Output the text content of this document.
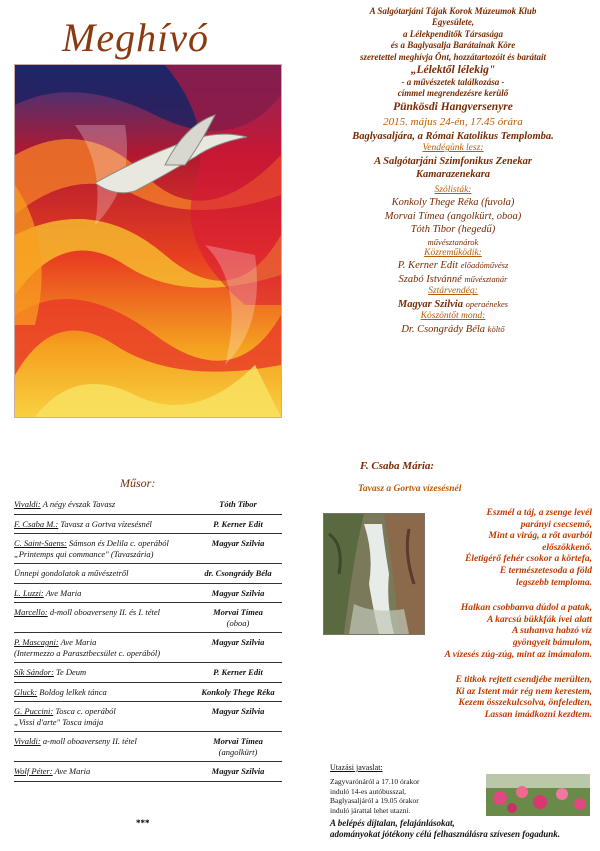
Meghívó
A Salgótarjáni Tájak Korok Múzeumok Klub
Egyesülete,
a Lélekpenditők Társasága
és a Baglyasalja Barátainak Köre
szeretettel meghívja Önt, hozzátartozóit és barátait
„Lélektől lélekig"
- a művészetek találkozása -
címmel megrendezésre kerülő
Pünkösdi Hangversenyre
2015. május 24-én, 17.45 órára
Baglyasaljára, a Római Katolikus Templomba.
Vendégünk lesz:
A Salgótarjáni Szimfonikus Zenekar
Kamarazenekara
Szólisták:
Konkoly Thege Réka (fuvola)
Morvai Tímea (angolkürt, oboa)
Tóth Tibor (hegedű)
művésztanárok
Közreműködik:
P. Kerner Edit előadóművész
Szabó Istvánné művésztanár
Sztárvendég:
Magyar Szilvia operaénekes
Köszöntőt mond:
Dr. Csongrády Béla költő
Műsor:
Vivaldi: A négy évszak Tavasz	Tóth Tibor
F. Csaba M.: Tavasz a Gortva vízesésnél	P. Kerner Edit
C. Saint-Saens: Sámson és Delila c. operából
„Printemps qui commance" (Tavaszária)
Magyar Szilvia
Ünnepi gondolatok a művészetről	dr. Csongrády Béla
L. Luzzi: Ave Maria	Magyar Szilvia
Marcello: d-moll oboaverseny II. és I. tétel	Morvai Tímea
(oboa)
P. Mascagni: Ave Maria
(Intermezzo a Parasztbecsület c. operából)
Magyar Szilvia
Sík Sándor: Te Deum	P. Kerner Edit
Gluck: Boldog lelkek tánca	Konkoly Thege Réka
G. Puccini: Tosca c. operából
„Vissi d'arte" Tosca imája
Magyar Szilvia
Vivaldi: a-moll oboaverseny II. tétel	Morvai Tímea
(angolkürt)
Wolf Péter: Ave Maria	Magyar Szilvia
***
F. Csaba Mária:
Tavasz a Gortva vízesésnél
Eszmél a táj, a zsenge levél
parányi csecsemő,
Mint a virág, a rőt avarból
előszökkenő.
Életigérő fehér csokor a körtefa,
E természetesoda a föld
legszebb temploma.
Halkan csobbanva dúdol a patak,
A karcsú bükkfák ívei alatt
A suhanva habzó víz
gyöngyeit bámulom,
A vízesés zúg-zúg, mint az imámalom.
E titkok rejtett csendjébe merülten,
Ki az Istent már rég nem kerestem,
Kezem összekulcsolva, önfeledten,
Lassan imádkozni kezdtem.
Utazási javaslat:
Zagyvarónáról a 17.10 órakor
induló 14-es autóbusszal,
Baglyasaljáról a 19.05 órakor
induló járattal lehet utazni.
A belépés díjtalan, felajánlásokat,
adományokat jótékony célú felhasználásra szívesen fogadunk.
